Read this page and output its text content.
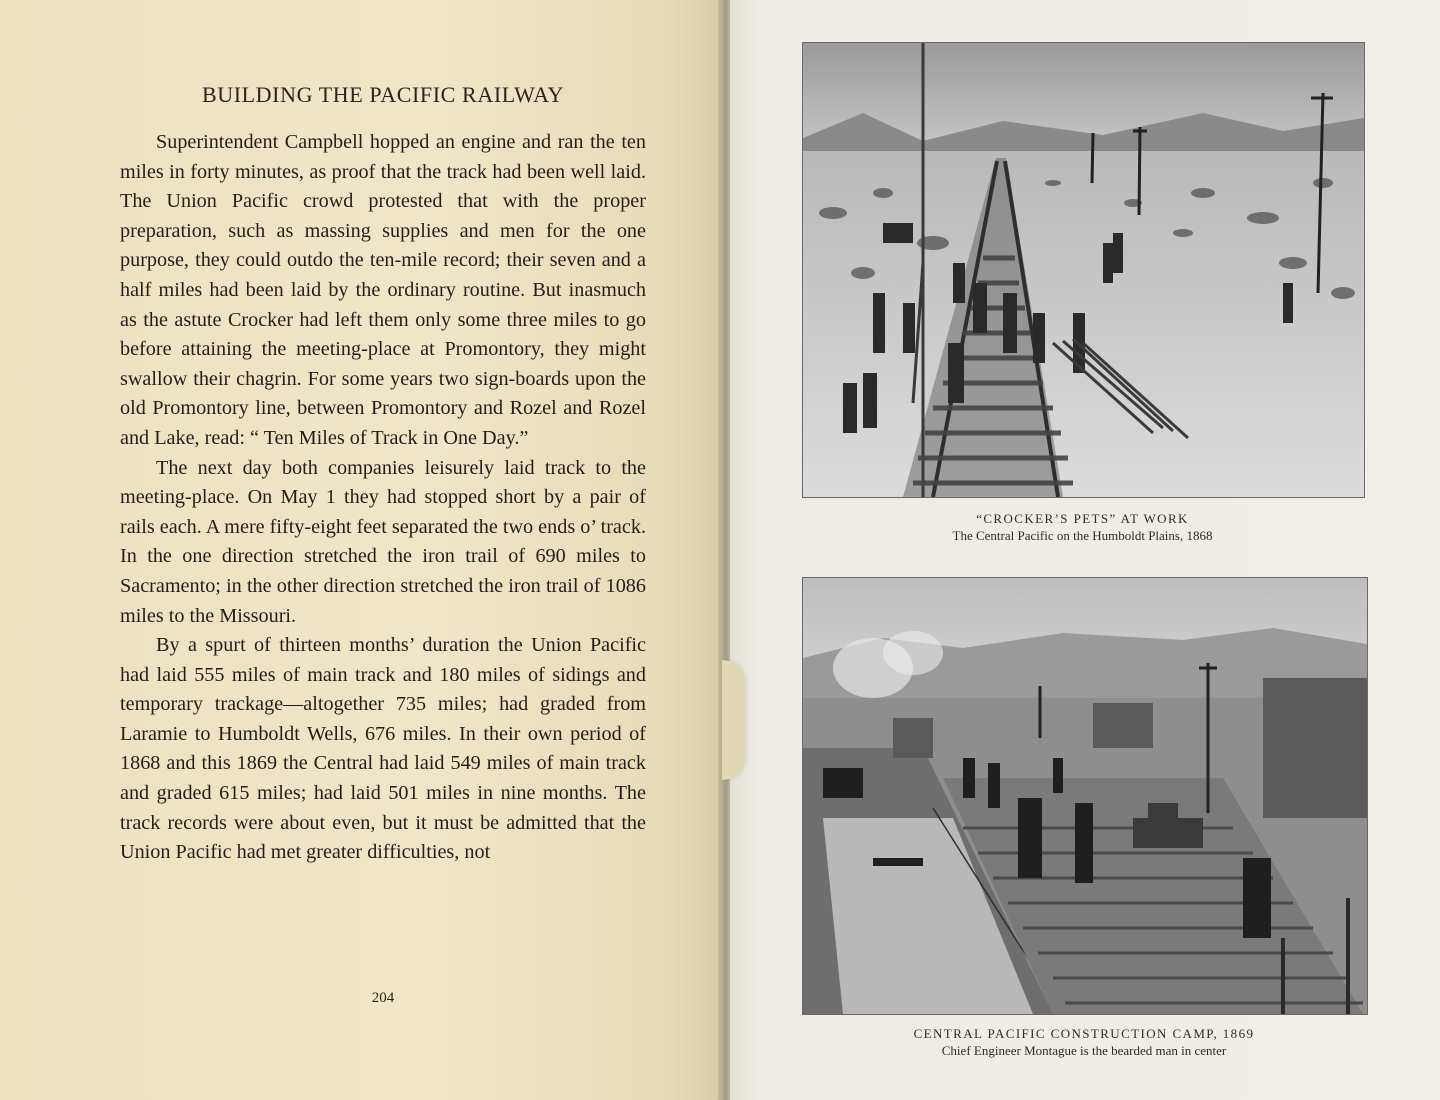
BUILDING THE PACIFIC RAILWAY

Superintendent Campbell hopped an engine and ran the ten miles in forty minutes, as proof that the track had been well laid. The Union Pacific crowd protested that with the proper preparation, such as massing supplies and men for the one purpose, they could outdo the ten-mile record; their seven and a half miles had been laid by the ordinary routine. But inasmuch as the astute Crocker had left them only some three miles to go before attaining the meeting-place at Promontory, they might swallow their chagrin. For some years two sign-boards upon the old Promontory line, between Promontory and Rozel and Rozel and Lake, read: “ Ten Miles of Track in One Day.”

The next day both companies leisurely laid track to the meeting-place. On May 1 they had stopped short by a pair of rails each. A mere fifty-eight feet separated the two ends o’ track. In the one direction stretched the iron trail of 690 miles to Sacramento; in the other direction stretched the iron trail of 1086 miles to the Missouri.

By a spurt of thirteen months’ duration the Union Pacific had laid 555 miles of main track and 180 miles of sidings and temporary trackage—altogether 735 miles; had graded from Laramie to Humboldt Wells, 676 miles. In their own period of 1868 and this 1869 the Central had laid 549 miles of main track and graded 615 miles; had laid 501 miles in nine months. The track records were about even, but it must be admitted that the Union Pacific had met greater difficulties, not

204
“CROCKER’S PETS” AT WORK
The Central Pacific on the Humboldt Plains, 1868
CENTRAL PACIFIC CONSTRUCTION CAMP, 1869
Chief Engineer Montague is the bearded man in center
